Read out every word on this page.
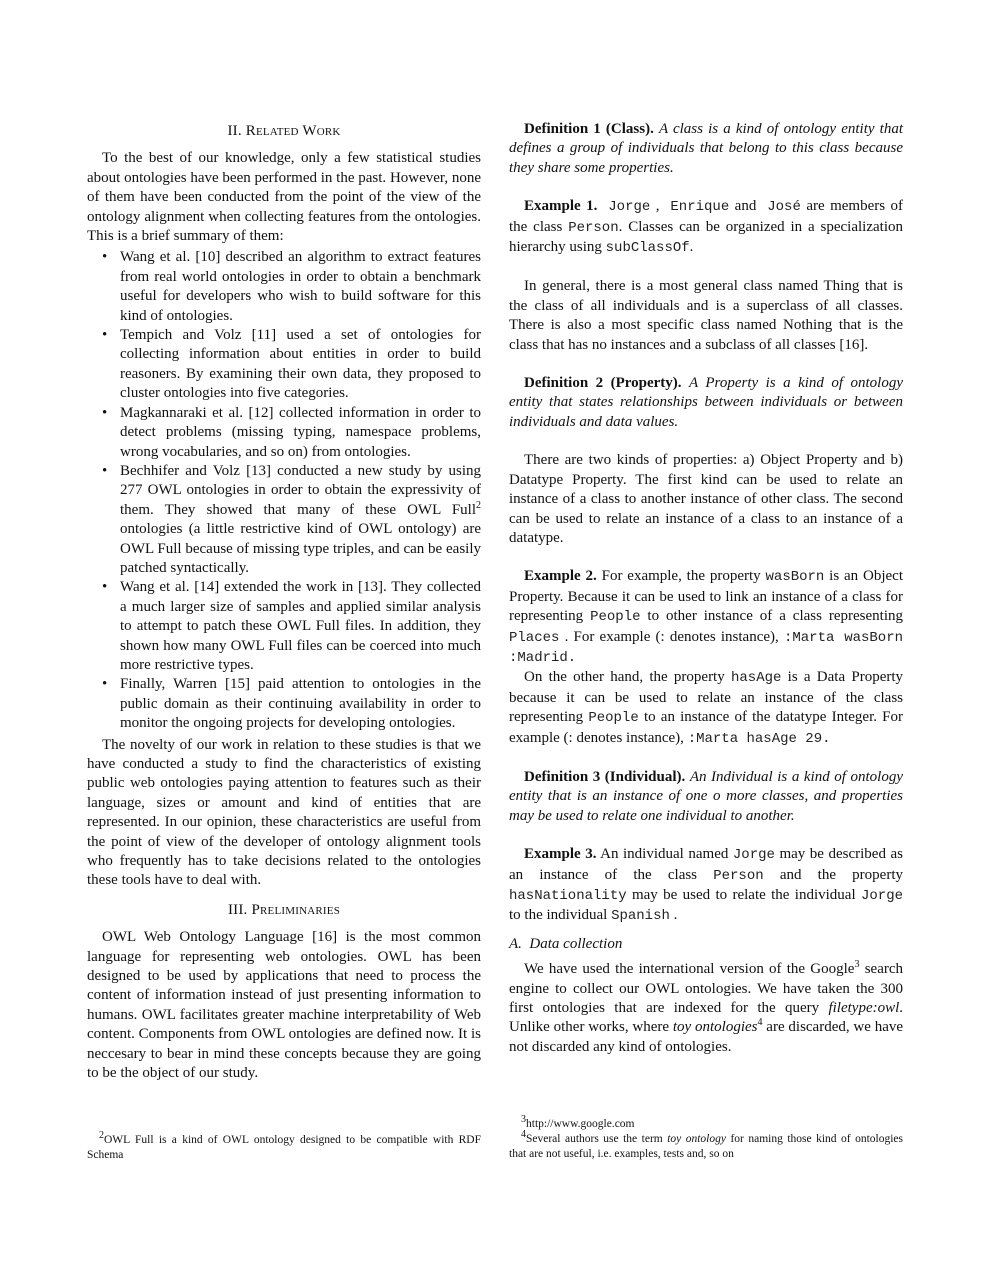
II. Related Work

To the best of our knowledge, only a few statistical studies about ontologies have been performed in the past. However, none of them have been conducted from the point of the view of the ontology alignment when collecting features from the ontologies. This is a brief summary of them:

• Wang et al. [10] described an algorithm to extract features from real world ontologies in order to obtain a benchmark useful for developers who wish to build software for this kind of ontologies.
• Tempich and Volz [11] used a set of ontologies for collecting information about entities in order to build reasoners. By examining their own data, they proposed to cluster ontologies into five categories.
• Magkannaraki et al. [12] collected information in order to detect problems (missing typing, namespace problems, wrong vocabularies, and so on) from ontologies.
• Bechhifer and Volz [13] conducted a new study by using 277 OWL ontologies in order to obtain the expressivity of them. They showed that many of these OWL Full$^2$ ontologies (a little restrictive kind of OWL ontology) are OWL Full because of missing type triples, and can be easily patched syntactically.
• Wang et al. [14] extended the work in [13]. They collected a much larger size of samples and applied similar analysis to attempt to patch these OWL Full files. In addition, they shown how many OWL Full files can be coerced into much more restrictive types.
• Finally, Warren [15] paid attention to ontologies in the public domain as their continuing availability in order to monitor the ongoing projects for developing ontologies.

The novelty of our work in relation to these studies is that we have conducted a study to find the characteristics of existing public web ontologies paying attention to features such as their language, sizes or amount and kind of entities that are represented. In our opinion, these characteristics are useful from the point of view of the developer of ontology alignment tools who frequently has to take decisions related to the ontologies these tools have to deal with.

III. Preliminaries

OWL Web Ontology Language [16] is the most common language for representing web ontologies. OWL has been designed to be used by applications that need to process the content of information instead of just presenting information to humans. OWL facilitates greater machine interpretability of Web content. Components from OWL ontologies are defined now. It is neccesary to bear in mind these concepts because they are going to be the object of our study.

$^2$OWL Full is a kind of OWL ontology designed to be compatible with RDF Schema

Definition 1 (Class). A class is a kind of ontology entity that defines a group of individuals that belong to this class because they share some properties.

Example 1. Jorge , Enrique and José are members of the class Person. Classes can be organized in a specialization hierarchy using subClassOf.

In general, there is a most general class named Thing that is the class of all individuals and is a superclass of all classes. There is also a most specific class named Nothing that is the class that has no instances and a subclass of all classes [16].

Definition 2 (Property). A Property is a kind of ontology entity that states relationships between individuals or between individuals and data values.

There are two kinds of properties: a) Object Property and b) Datatype Property. The first kind can be used to relate an instance of a class to another instance of other class. The second can be used to relate an instance of a class to an instance of a datatype.

Example 2. For example, the property wasBorn is an Object Property. Because it can be used to link an instance of a class for representing People to other instance of a class representing Places . For example (: denotes instance), :Marta wasBorn :Madrid.

On the other hand, the property hasAge is a Data Property because it can be used to relate an instance of the class representing People to an instance of the datatype Integer. For example (: denotes instance), :Marta hasAge 29.

Definition 3 (Individual). An Individual is a kind of ontology entity that is an instance of one o more classes, and properties may be used to relate one individual to another.

Example 3. An individual named Jorge may be described as an instance of the class Person and the property hasNationality may be used to relate the individual Jorge to the individual Spanish .

A. Data collection

We have used the international version of the Google$^3$ search engine to collect our OWL ontologies. We have taken the 300 first ontologies that are indexed for the query filetype:owl. Unlike other works, where toy ontologies$^4$ are discarded, we have not discarded any kind of ontologies.

$^3$http://www.google.com
$^4$Several authors use the term toy ontology for naming those kind of ontologies that are not useful, i.e. examples, tests and, so on
